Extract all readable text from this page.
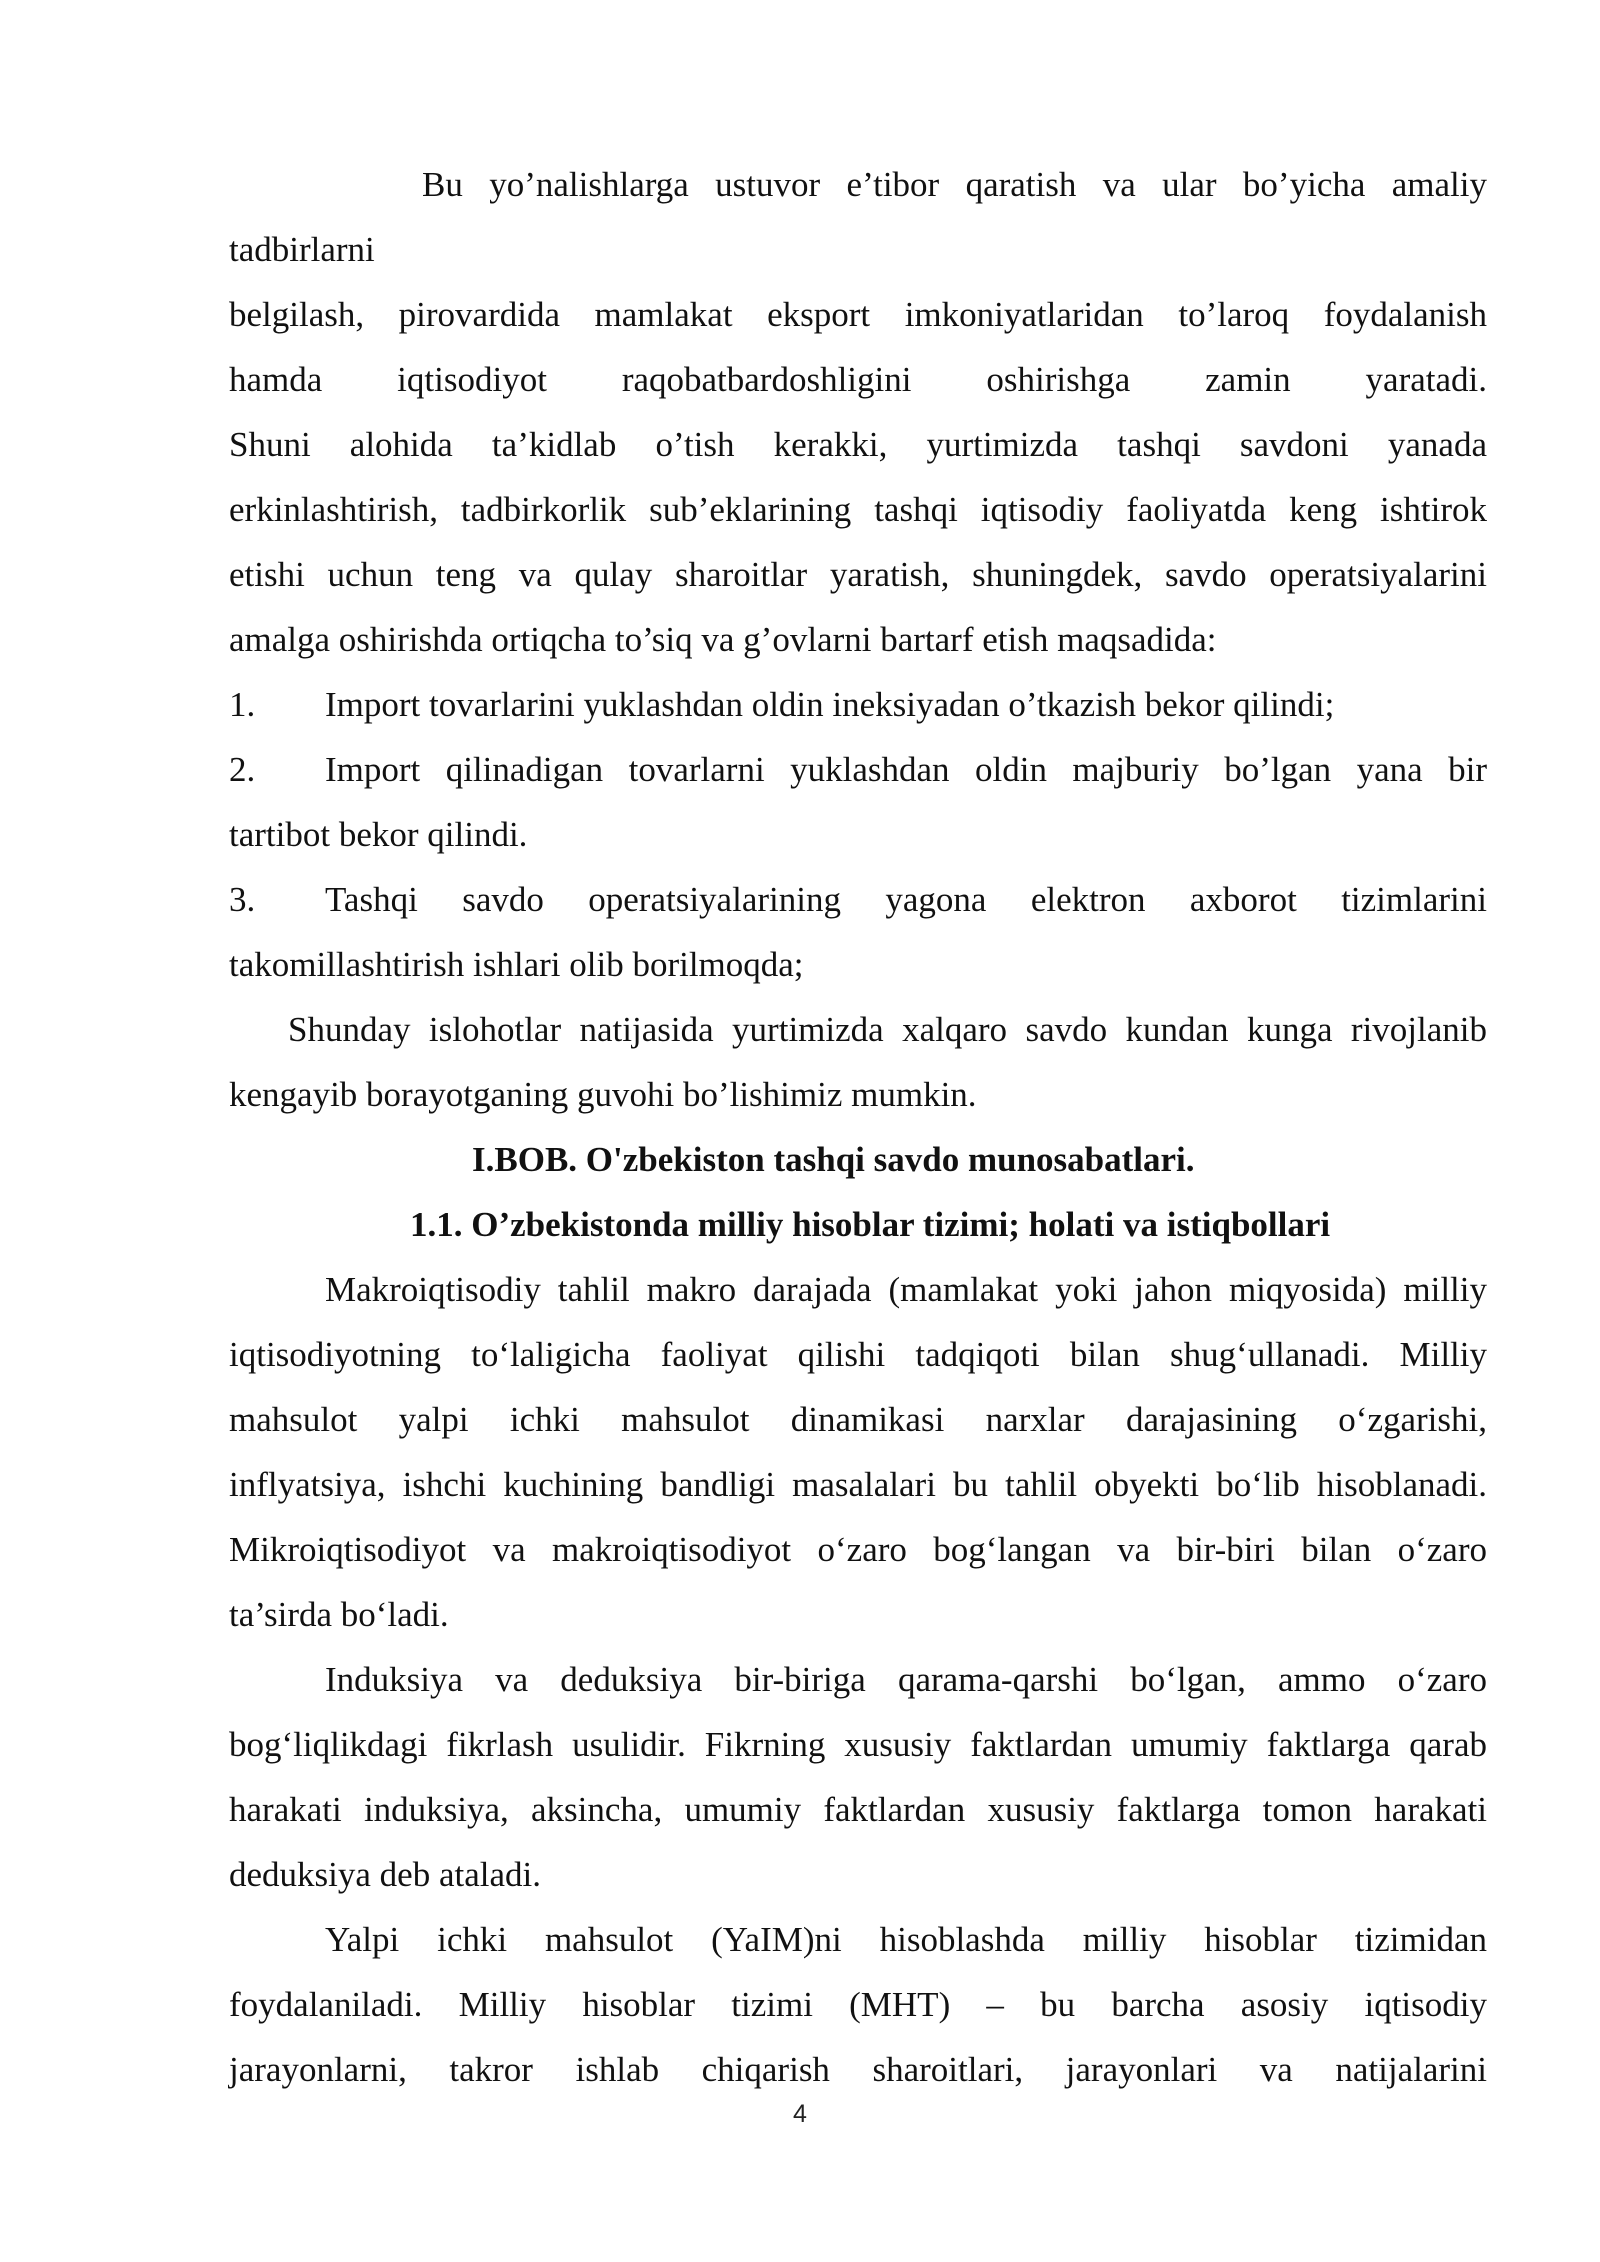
Bu yo’nalishlarga ustuvor e’tibor qaratish va ular bo’yicha amaliy

tadbirlarni

belgilash, pirovardida mamlakat eksport imkoniyatlaridan to’laroq foydalanish

hamda iqtisodiyot raqobatbardoshligini oshirishga zamin yaratadi.

Shuni alohida ta’kidlab o’tish kerakki, yurtimizda tashqi savdoni yanada

erkinlashtirish, tadbirkorlik sub’eklarining tashqi iqtisodiy faoliyatda keng ishtirok

etishi uchun teng va qulay sharoitlar yaratish, shuningdek, savdo operatsiyalarini

amalga oshirishda ortiqcha to’siq va g’ovlarni bartarf etish maqsadida:

1.	Import tovarlarini yuklashdan oldin ineksiyadan o’tkazish bekor qilindi;
2.	Import qilinadigan tovarlarni yuklashdan oldin majburiy bo’lgan yana bir

tartibot bekor qilindi.

3.	Tashqi savdo operatsiyalarining yagona elektron axborot tizimlarini

takomillashtirish ishlari olib borilmoqda;

Shunday islohotlar natijasida yurtimizda xalqaro savdo kundan kunga rivojlanib

kengayib borayotganing guvohi bo’lishimiz mumkin.

I.BOB. O'zbekiston tashqi savdo munosabatlari.

1.1. O’zbekistonda milliy hisoblar tizimi; holati va istiqbollari

Makroiqtisodiy tahlil makro darajada (mamlakat yoki jahon miqyosida) milliy

iqtisodiyotning to‘laligicha faoliyat qilishi tadqiqoti bilan shug‘ullanadi. Milliy

mahsulot yalpi ichki mahsulot dinamikasi narxlar darajasining o‘zgarishi,

inflyatsiya, ishchi kuchining bandligi masalalari bu tahlil obyekti bo‘lib hisoblanadi.

Mikroiqtisodiyot va makroiqtisodiyot o‘zaro bog‘langan va bir-biri bilan o‘zaro

ta’sirda bo‘ladi.

Induksiya va deduksiya bir-biriga qarama-qarshi bo‘lgan, ammo o‘zaro

bog‘liqlikdagi fikrlash usulidir. Fikrning xususiy faktlardan umumiy faktlarga qarab

harakati induksiya, aksincha, umumiy faktlardan xususiy faktlarga tomon harakati

deduksiya deb ataladi.

Yalpi ichki mahsulot (YaIM)ni hisoblashda milliy hisoblar tizimidan

foydalaniladi. Milliy hisoblar tizimi (MHT) – bu barcha asosiy iqtisodiy

jarayonlarni, takror ishlab chiqarish sharoitlari, jarayonlari va natijalarini

4
